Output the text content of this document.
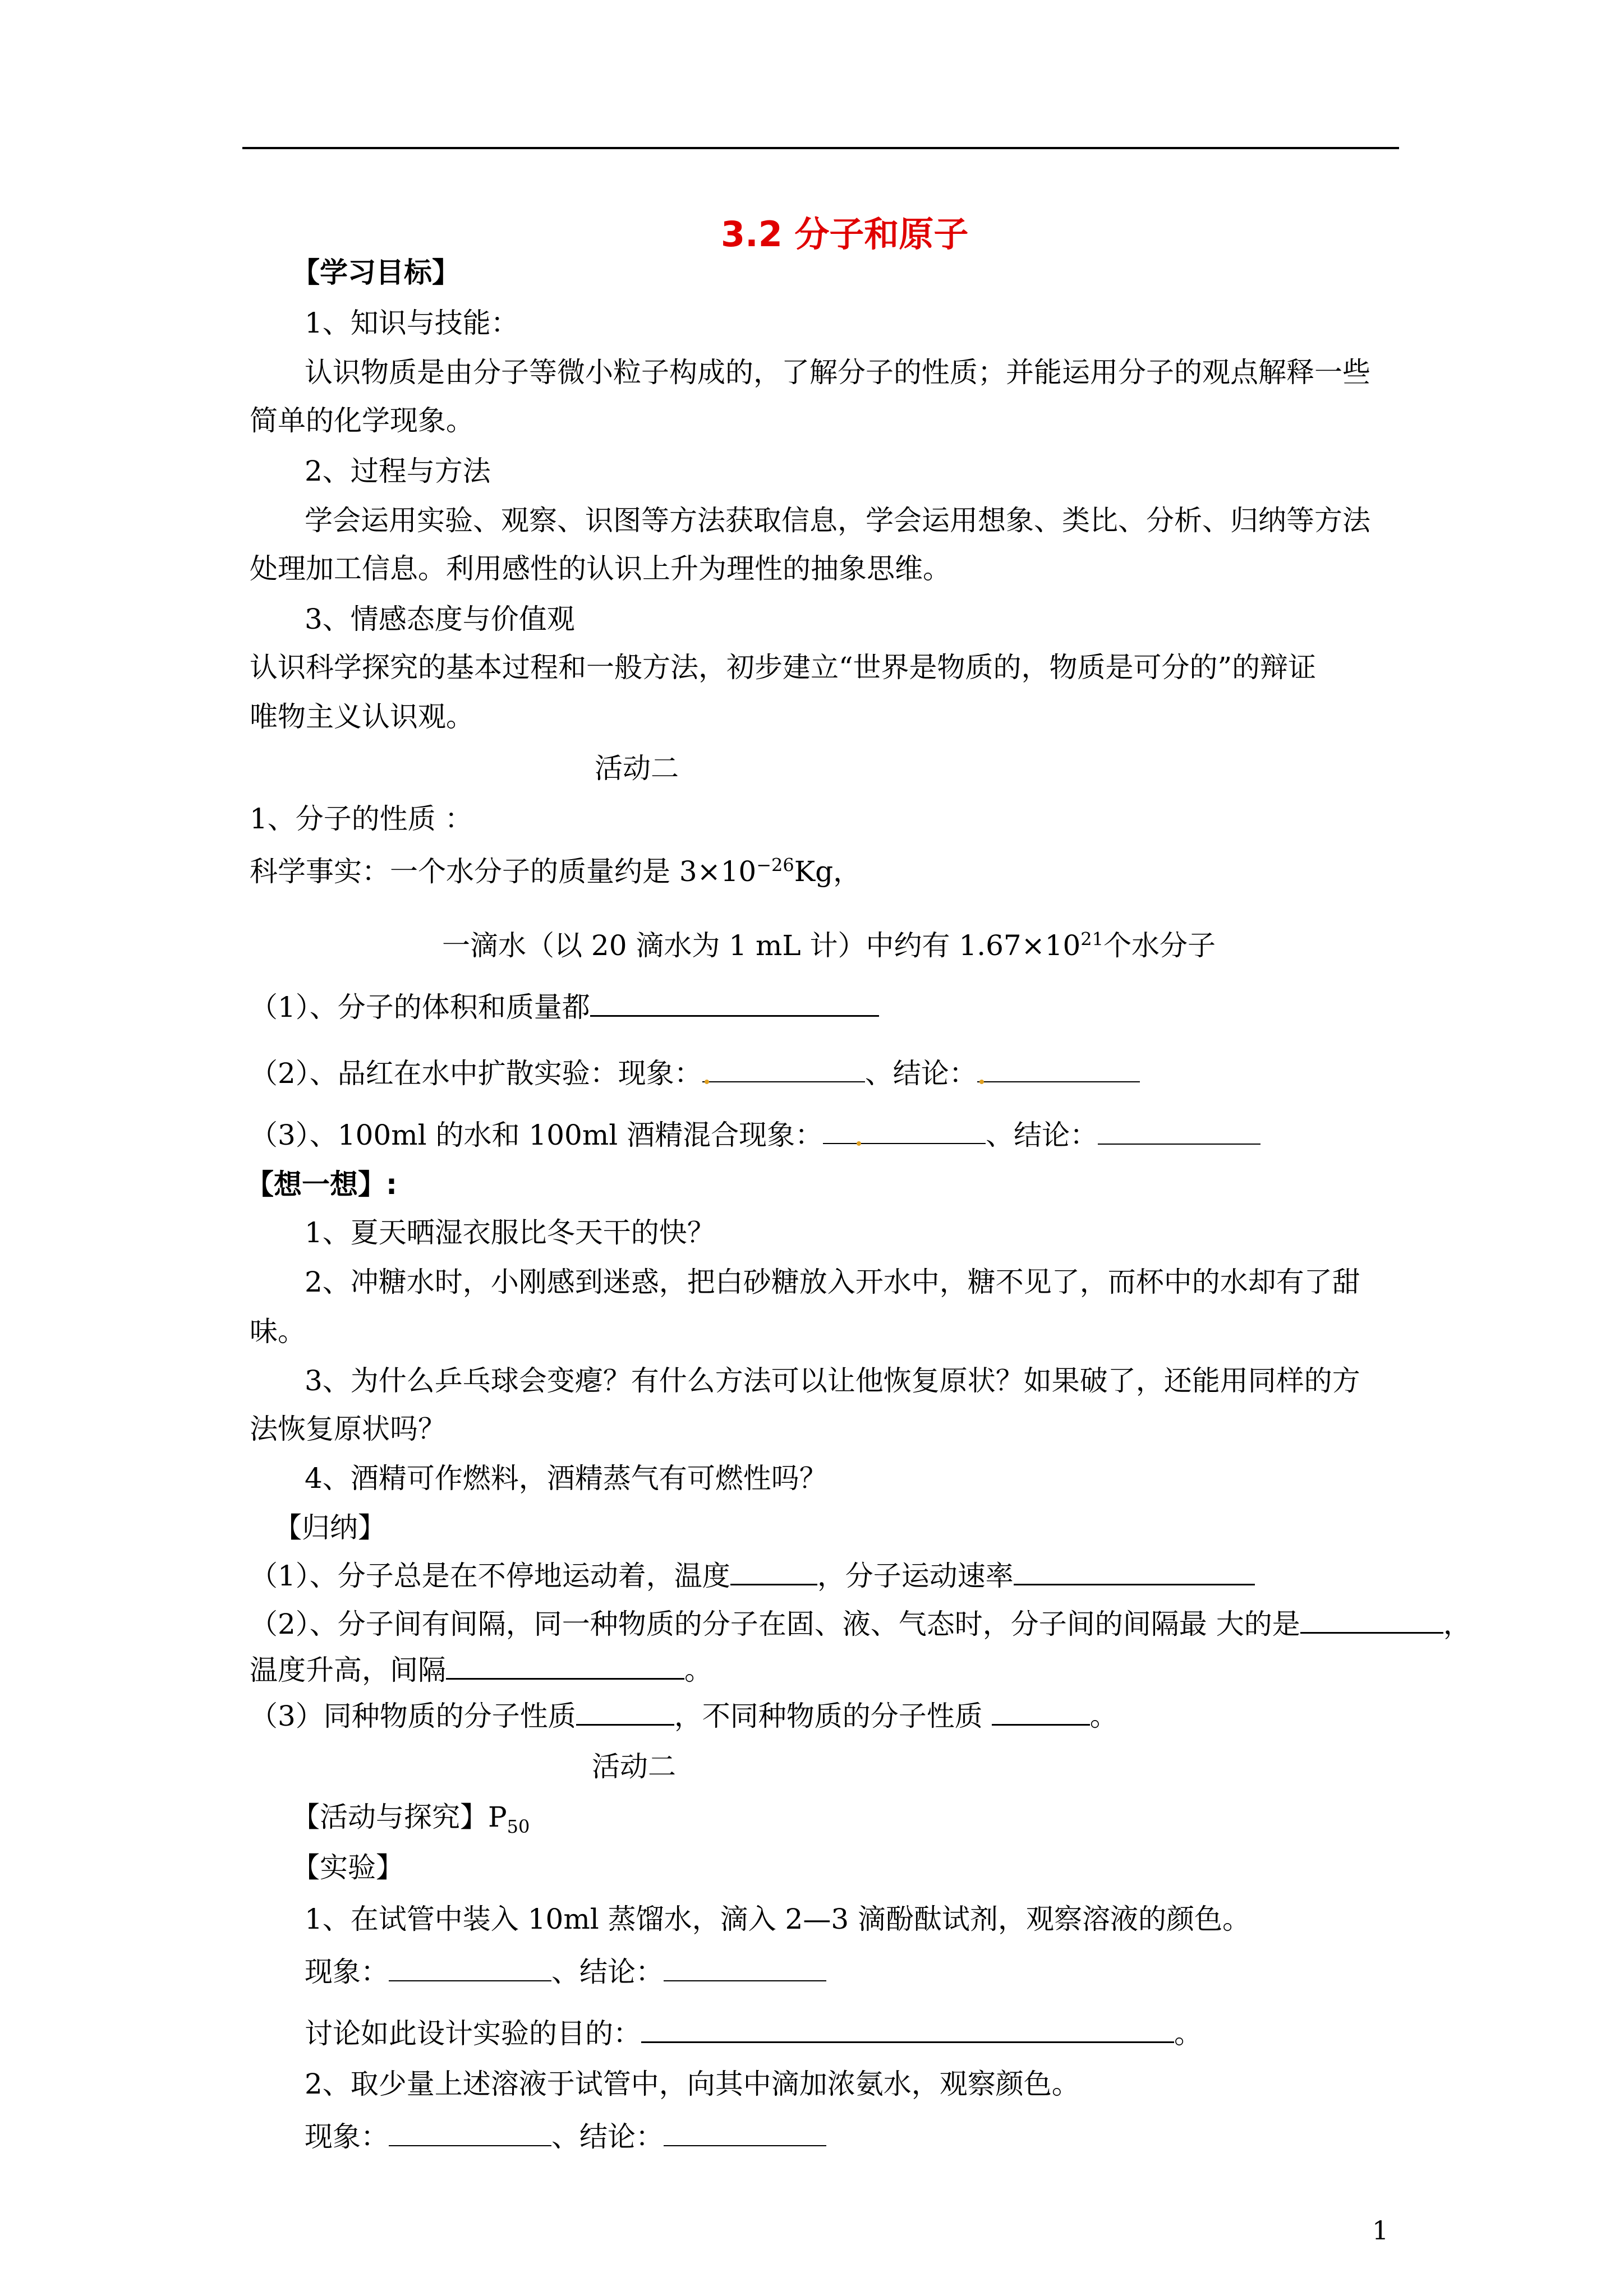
3.2 分子和原子
【学习目标】
1、知识与技能：
认识物质是由分子等微小粒子构成的，了解分子的性质；并能运用分子的观点解释一些
简单的化学现象。
2、过程与方法
学会运用实验、观察、识图等方法获取信息，学会运用想象、类比、分析、归纳等方法
处理加工信息。利用感性的认识上升为理性的抽象思维。
3、情感态度与价值观
认识科学探究的基本过程和一般方法，初步建立“世界是物质的，物质是可分的”的辩证
唯物主义认识观。
活动二
1、分子的性质 ：
科学事实：一个水分子的质量约是 $3\times 10^{-26}Kg$，
一滴水（以 20 滴水为 1 mL 计）中约有 $1.67\times 10^{21}$个水分子
（1）、分子的体积和质量都
（2）、品红在水中扩散实验：现象：	、结论：
（3）、100ml 的水和 100ml 酒精混合现象：	、结论：
【想一想】:
1、夏天晒湿衣服比冬天干的快？
2、冲糖水时，小刚感到迷惑，把白砂糖放入开水中，糖不见了，而杯中的水却有了甜
味。
3、为什么乒乓球会变瘪？有什么方法可以让他恢复原状？如果破了，还能用同样的方
法恢复原状吗？
4、酒精可作燃料，酒精蒸气有可燃性吗？
【归纳】
（1）、分子总是在不停地运动着，温度	，分子运动速率
（2）、分子间有间隔，同一种物质的分子在固、液、气态时，分子间的间隔最 大的是	，
温度升高，间隔	。
（3）同种物质的分子性质	，不同种物质的分子性质	。
活动二
【活动与探究】$P_{50}$
【实验】
1、在试管中装入 10ml 蒸馏水，滴入 2—3 滴酚酞试剂，观察溶液的颜色。
现象：	、结论：
讨论如此设计实验的目的：	。
2、取少量上述溶液于试管中，向其中滴加浓氨水，观察颜色。
现象：	、结论：
1
